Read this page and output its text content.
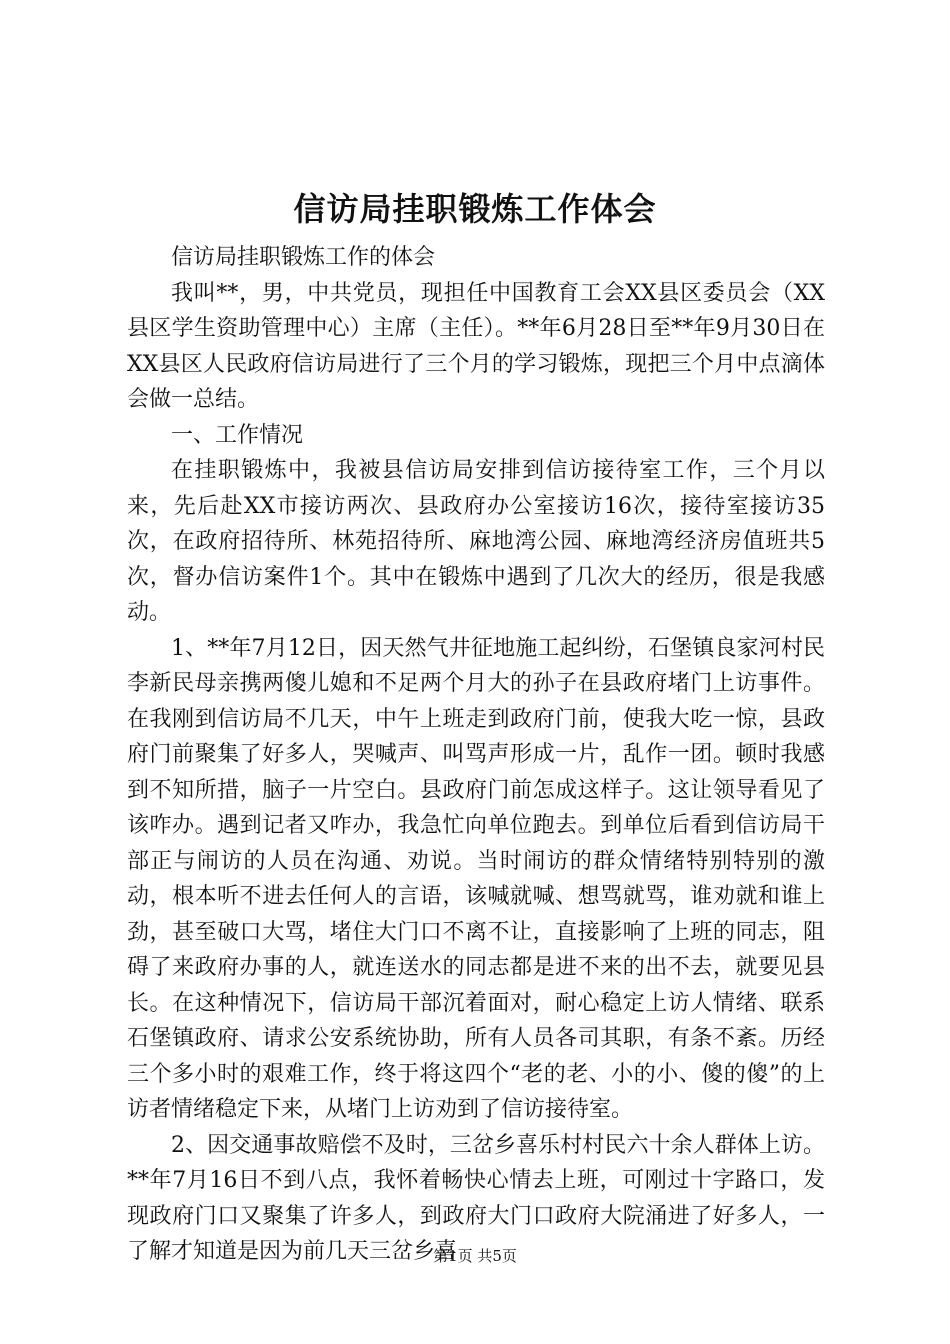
信访局挂职锻炼工作体会

信访局挂职锻炼工作的体会

我叫**，男，中共党员，现担任中国教育工会XX县区委员会（XX县区学生资助管理中心）主席（主任）。**年6月28日至**年9月30日在XX县区人民政府信访局进行了三个月的学习锻炼，现把三个月中点滴体会做一总结。

一、工作情况

在挂职锻炼中，我被县信访局安排到信访接待室工作，三个月以来，先后赴XX市接访两次、县政府办公室接访16次，接待室接访35次，在政府招待所、林苑招待所、麻地湾公园、麻地湾经济房值班共5次，督办信访案件1个。其中在锻炼中遇到了几次大的经历，很是我感动。

1、**年7月12日，因天然气井征地施工起纠纷，石堡镇良家河村民李新民母亲携两傻儿媳和不足两个月大的孙子在县政府堵门上访事件。在我刚到信访局不几天，中午上班走到政府门前，使我大吃一惊，县政府门前聚集了好多人，哭喊声、叫骂声形成一片，乱作一团。顿时我感到不知所措，脑子一片空白。县政府门前怎成这样子。这让领导看见了该咋办。遇到记者又咋办，我急忙向单位跑去。到单位后看到信访局干部正与闹访的人员在沟通、劝说。当时闹访的群众情绪特别特别的激动，根本听不进去任何人的言语，该喊就喊、想骂就骂，谁劝就和谁上劲，甚至破口大骂，堵住大门口不离不让，直接影响了上班的同志，阻碍了来政府办事的人，就连送水的同志都是进不来的出不去，就要见县长。在这种情况下，信访局干部沉着面对，耐心稳定上访人情绪、联系石堡镇政府、请求公安系统协助，所有人员各司其职，有条不紊。历经三个多小时的艰难工作，终于将这四个“老的老、小的小、傻的傻”的上访者情绪稳定下来，从堵门上访劝到了信访接待室。

2、因交通事故赔偿不及时，三岔乡喜乐村村民六十余人群体上访。**年7月16日不到八点，我怀着畅快心情去上班，可刚过十字路口，发现政府门口又聚集了许多人，到政府大门口政府大院涌进了好多人，一了解才知道是因为前几天三岔乡喜

第1页 共5页
